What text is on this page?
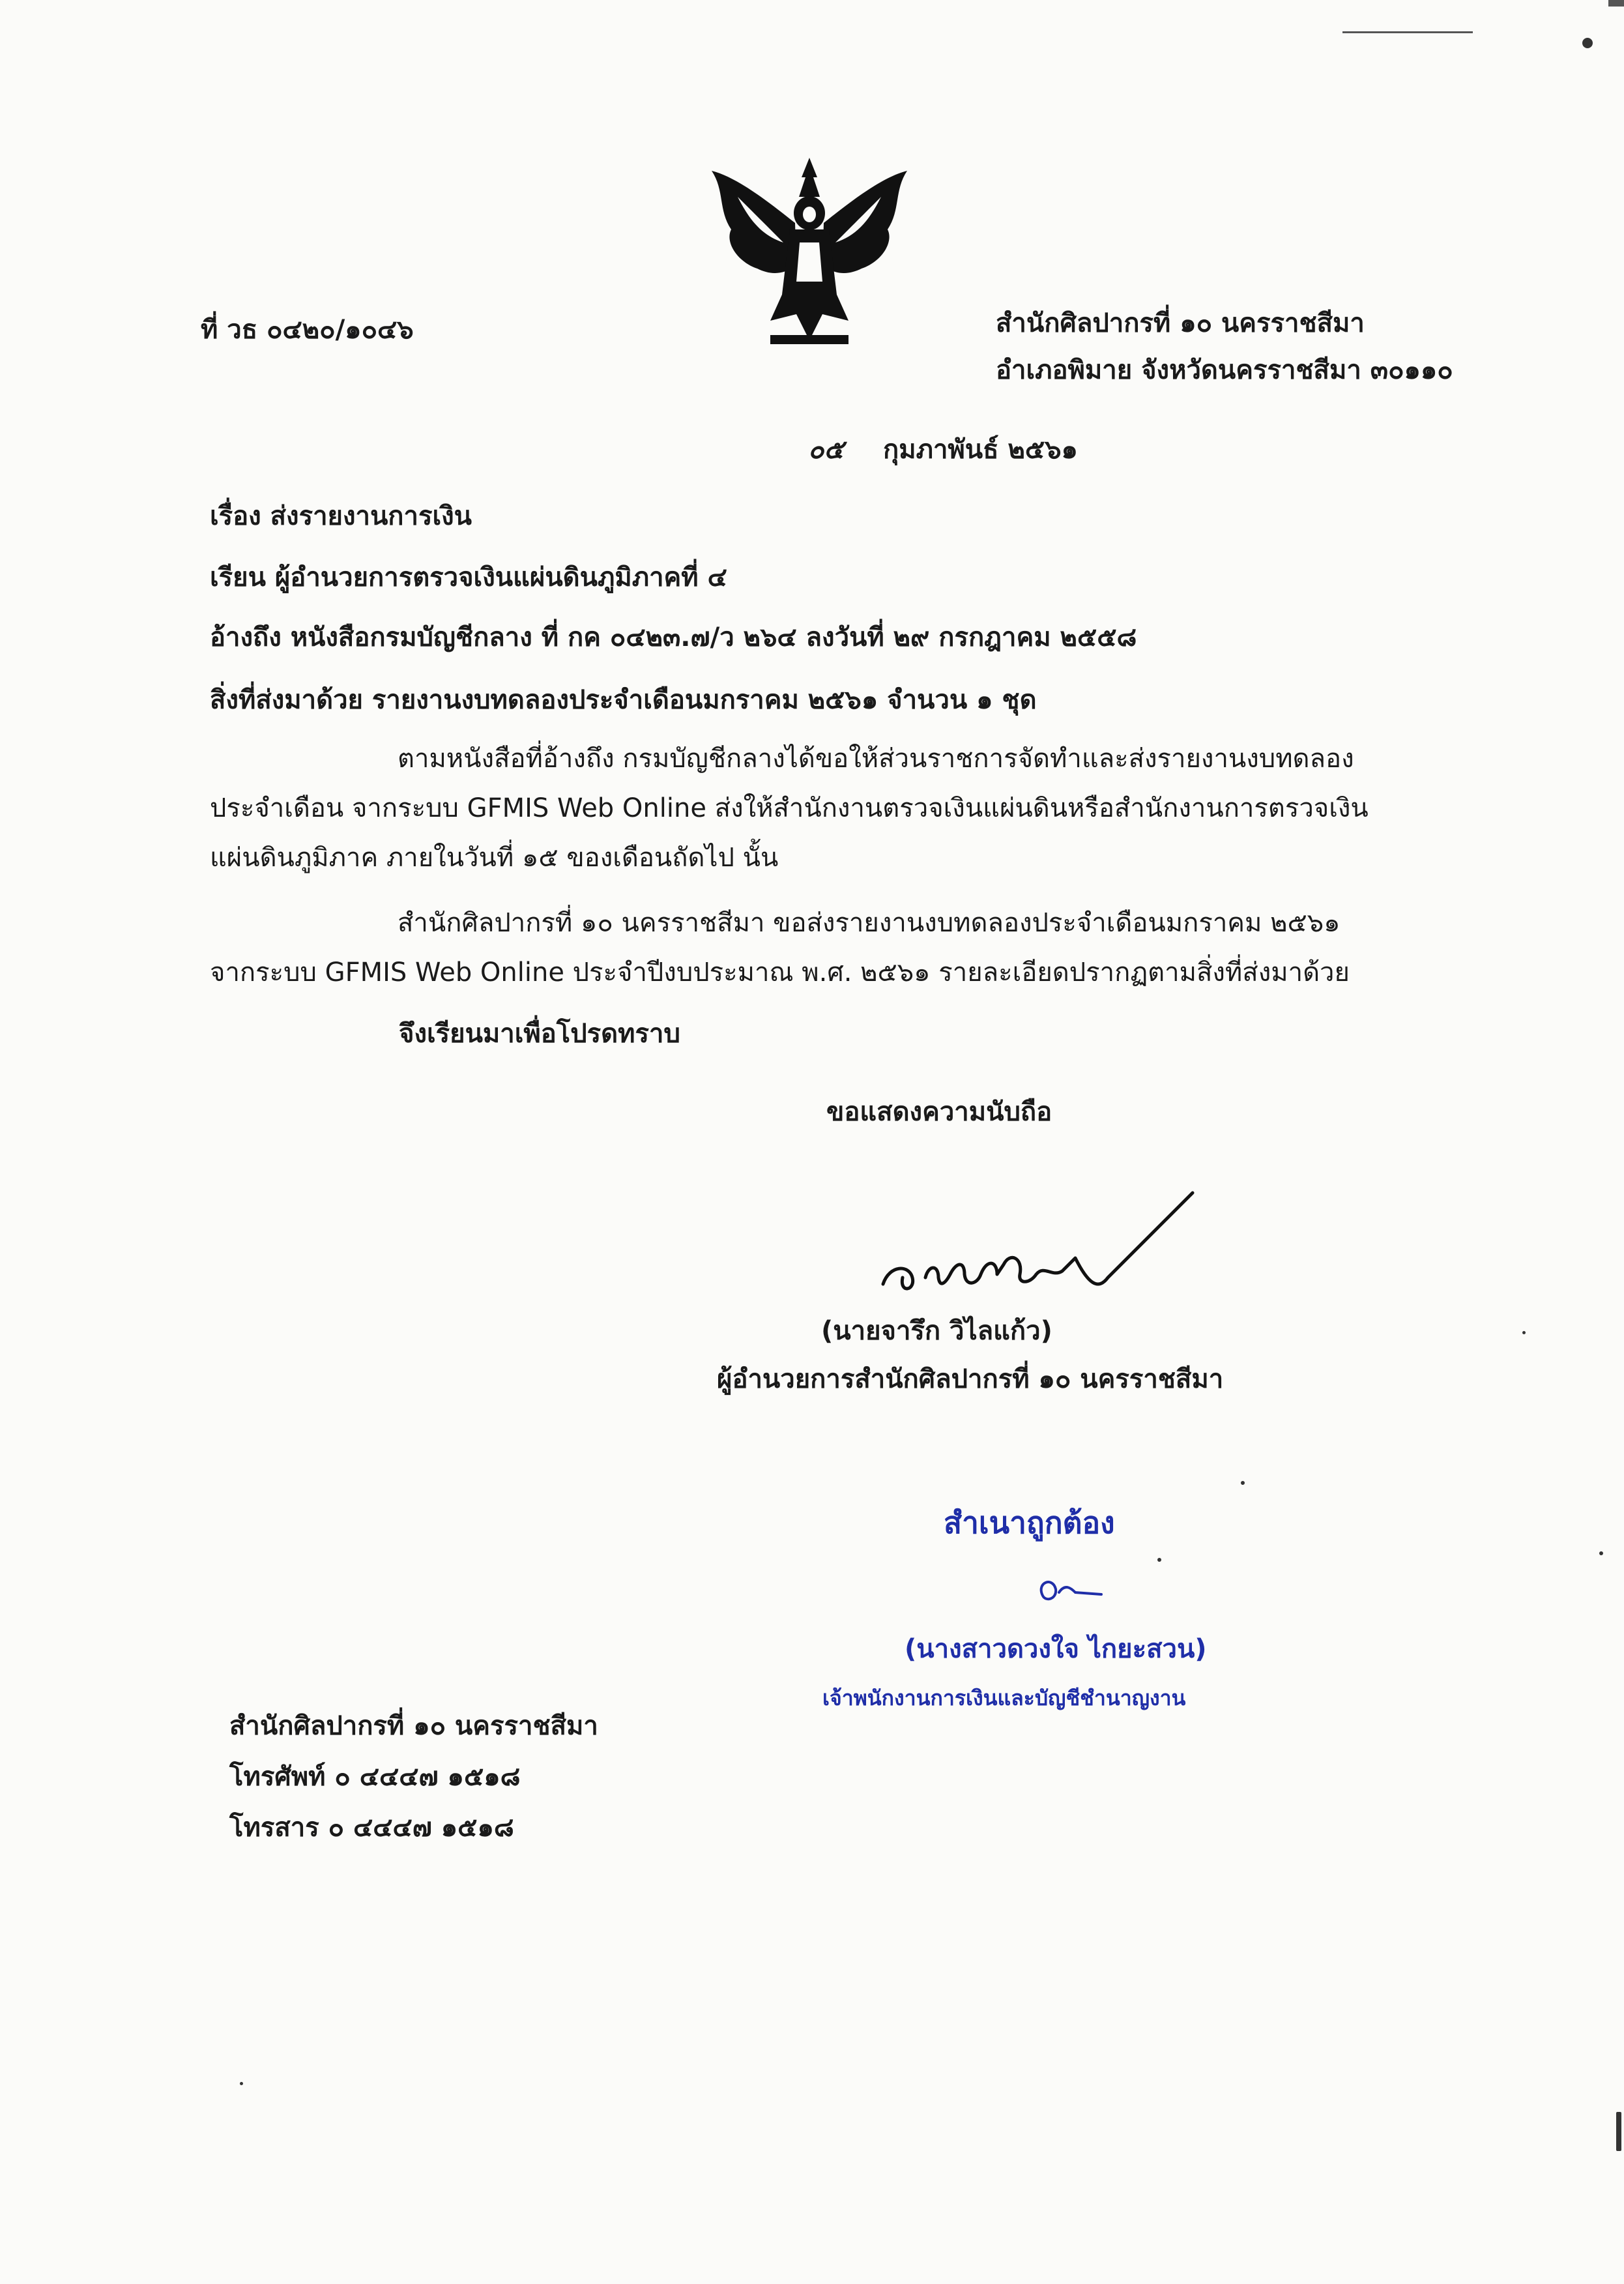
ที่ วธ ๐๔๒๐/๑๐๔๖	สำนักศิลปากรที่ ๑๐ นครราชสีมา
อำเภอพิมาย จังหวัดนครราชสีมา ๓๐๑๑๐
๐๕ กุมภาพันธ์ ๒๕๖๑
เรื่อง ส่งรายงานการเงิน
เรียน ผู้อำนวยการตรวจเงินแผ่นดินภูมิภาคที่ ๔
อ้างถึง หนังสือกรมบัญชีกลาง ที่ กค ๐๔๒๓.๗/ว ๒๖๔ ลงวันที่ ๒๙ กรกฎาคม ๒๕๕๘
สิ่งที่ส่งมาด้วย รายงานงบทดลองประจำเดือนมกราคม ๒๕๖๑ จำนวน ๑ ชุด
ตามหนังสือที่อ้างถึง กรมบัญชีกลางได้ขอให้ส่วนราชการจัดทำและส่งรายงานงบทดลอง
ประจำเดือน จากระบบ GFMIS Web Online ส่งให้สำนักงานตรวจเงินแผ่นดินหรือสำนักงานการตรวจเงิน
แผ่นดินภูมิภาค ภายในวันที่ ๑๕ ของเดือนถัดไป นั้น
สำนักศิลปากรที่ ๑๐ นครราชสีมา ขอส่งรายงานงบทดลองประจำเดือนมกราคม ๒๕๖๑
จากระบบ GFMIS Web Online ประจำปีงบประมาณ พ.ศ. ๒๕๖๑ รายละเอียดปรากฏตามสิ่งที่ส่งมาด้วย
จึงเรียนมาเพื่อโปรดทราบ
ขอแสดงความนับถือ
(นายจารึก วิไลแก้ว)
ผู้อำนวยการสำนักศิลปากรที่ ๑๐ นครราชสีมา
สำเนาถูกต้อง
(นางสาวดวงใจ ไกยะสวน)
เจ้าพนักงานการเงินและบัญชีชำนาญงาน
สำนักศิลปากรที่ ๑๐ นครราชสีมา
โทรศัพท์ ๐ ๔๔๔๗ ๑๕๑๘
โทรสาร ๐ ๔๔๔๗ ๑๕๑๘
